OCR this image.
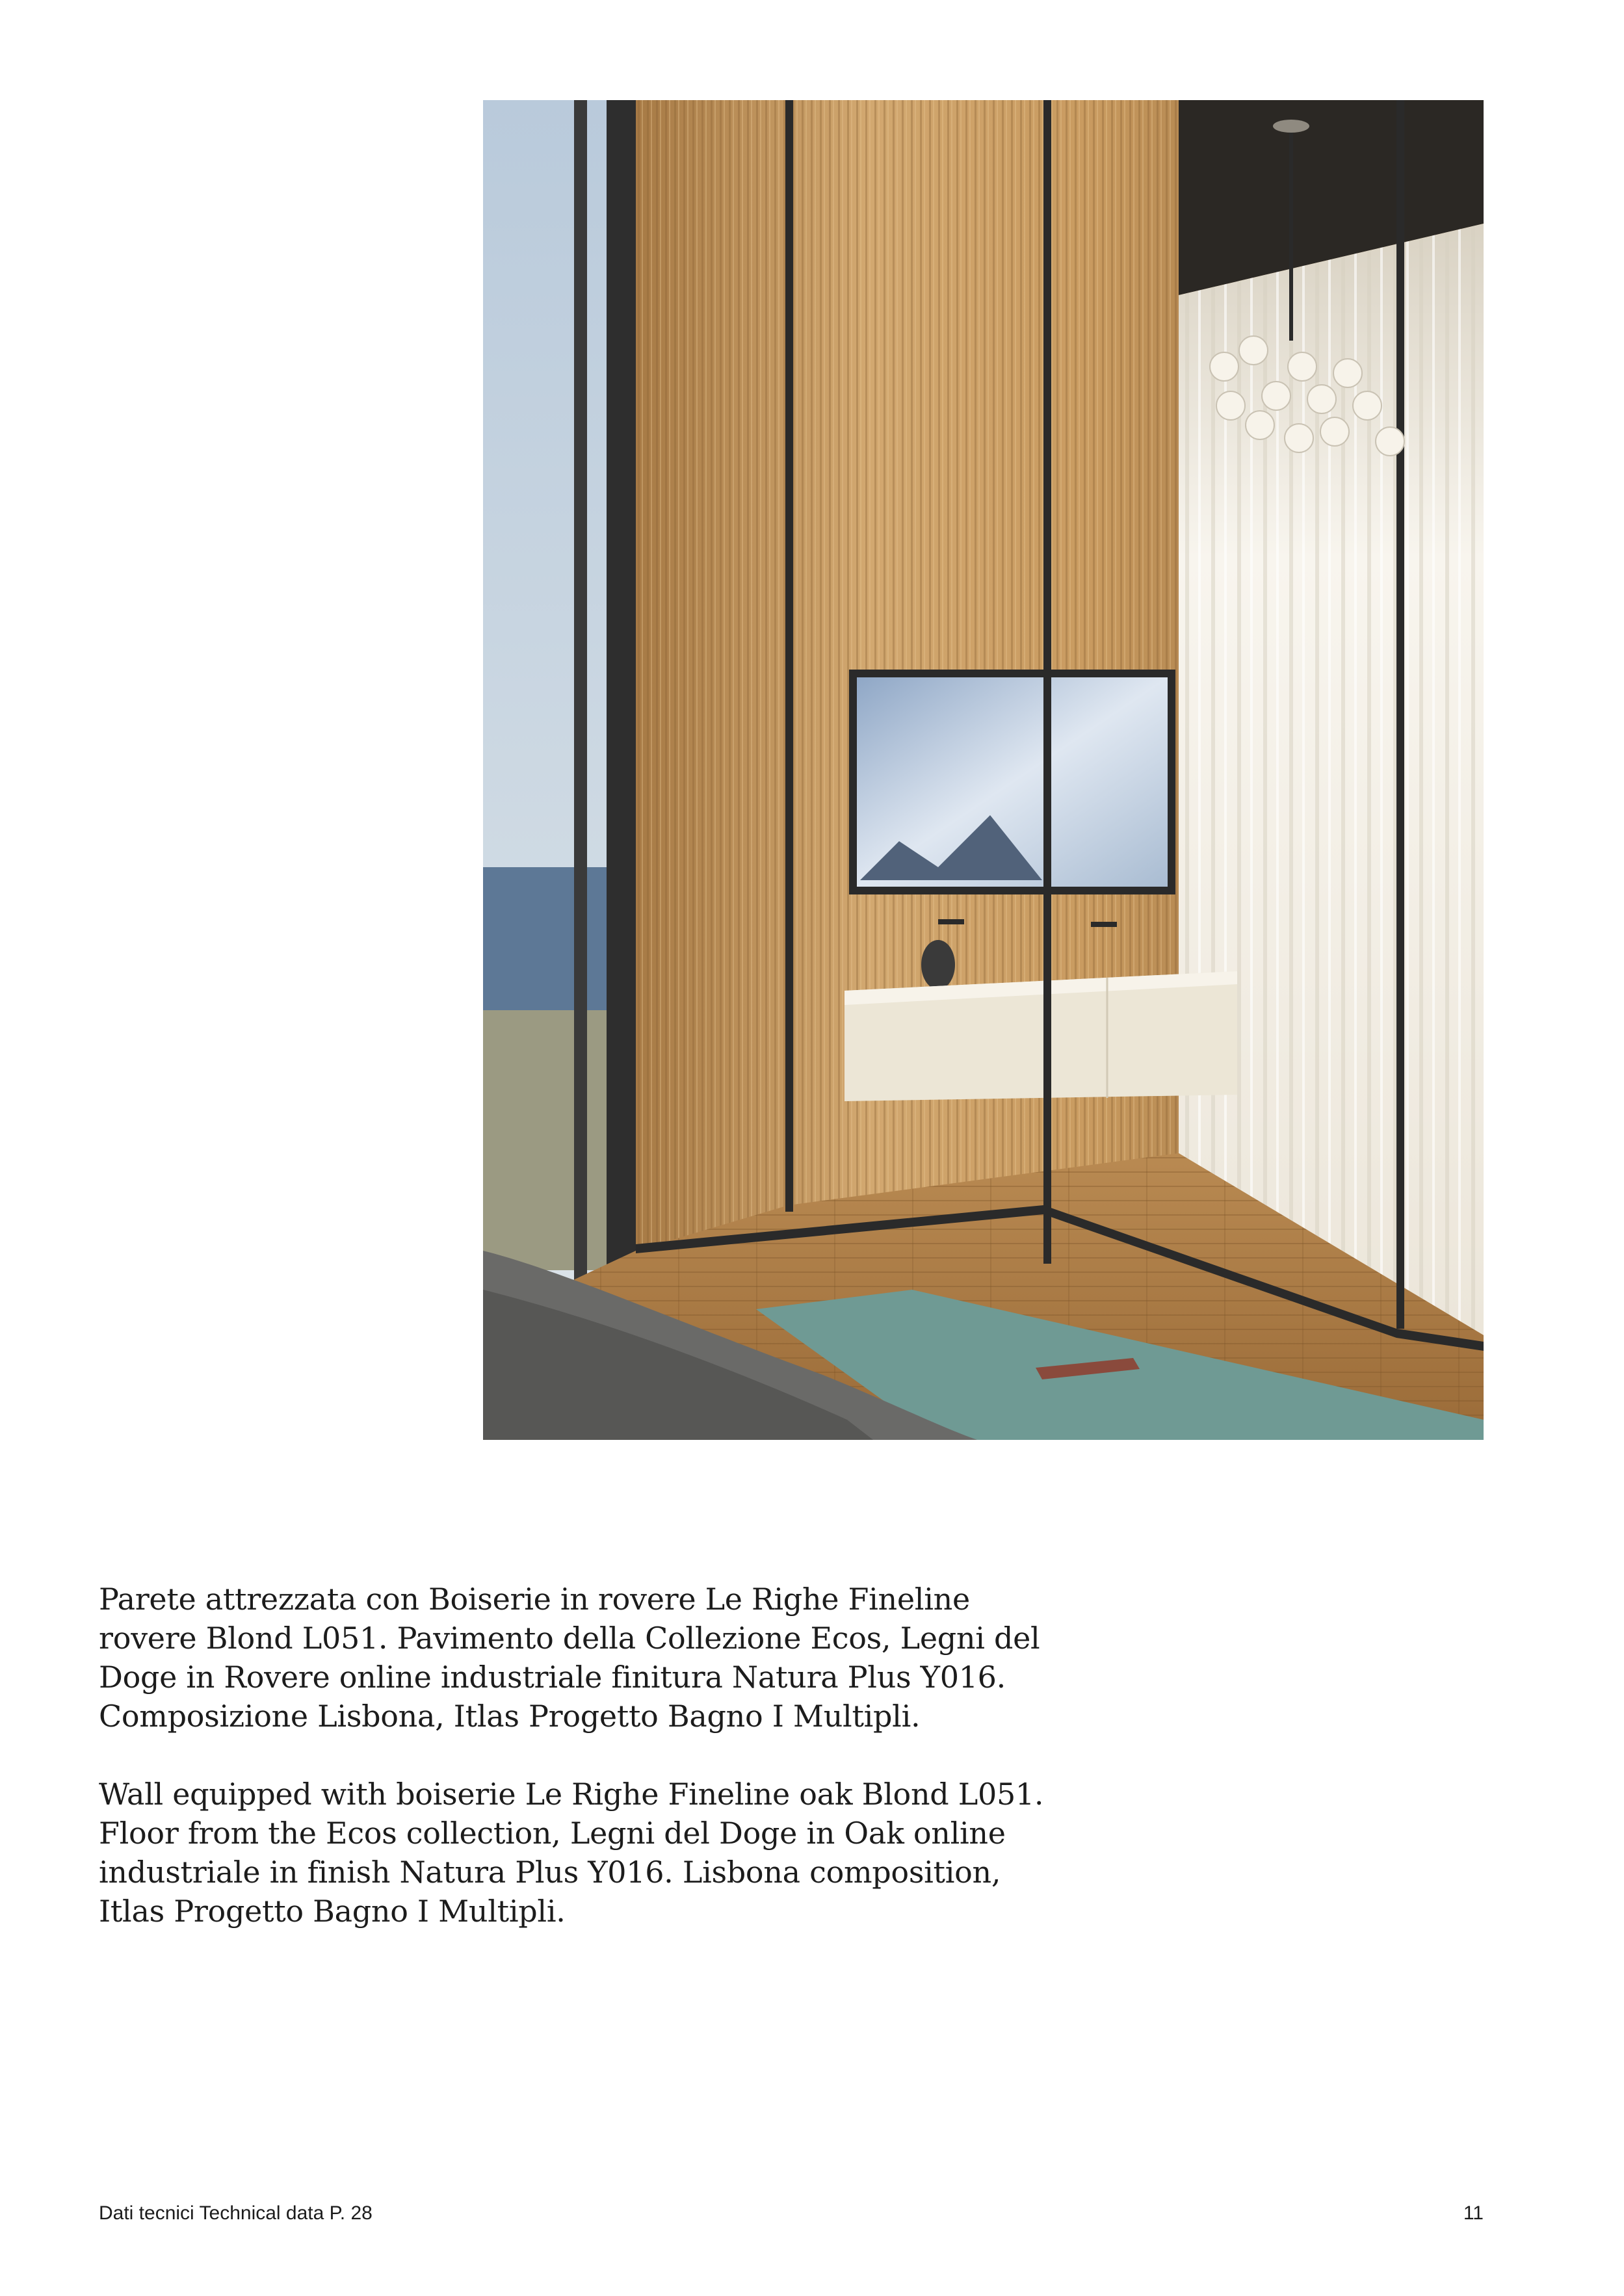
Parete attrezzata con Boiserie in rovere Le Righe Fineline
rovere Blond L051. Pavimento della Collezione Ecos, Legni del
Doge in Rovere online industriale finitura Natura Plus Y016.
Composizione Lisbona, Itlas Progetto Bagno I Multipli.

Wall equipped with boiserie Le Righe Fineline oak Blond L051.
Floor from the Ecos collection, Legni del Doge in Oak online
industriale in finish Natura Plus Y016. Lisbona composition,
Itlas Progetto Bagno I Multipli.

Dati tecnici Technical data P. 28	11
